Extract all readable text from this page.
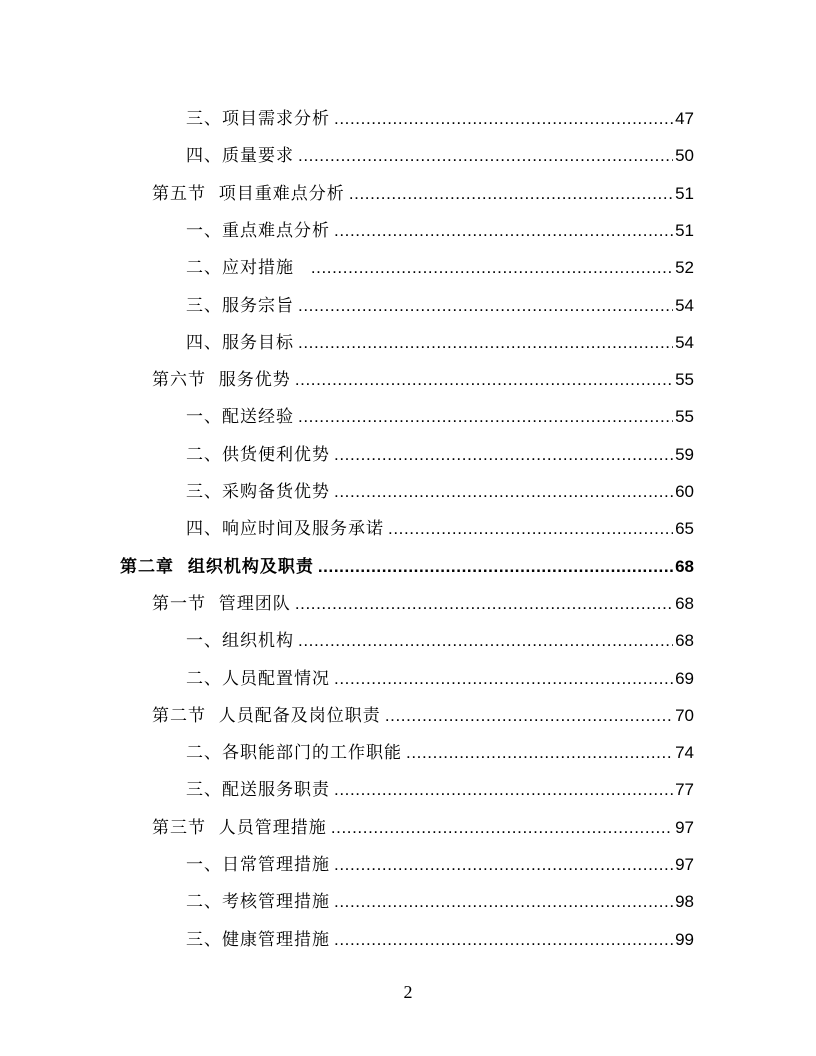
三、项目需求分析 .....	47
四、质量要求 .....	50
第五节  项目重难点分析 .....	51
一、重点难点分析 .....	51
二、应对措施 .....	52
三、服务宗旨 .....	54
四、服务目标 .....	54
第六节  服务优势 .....	55
一、配送经验 .....	55
二、供货便利优势 .....	59
三、采购备货优势 .....	60
四、响应时间及服务承诺 .....	65
第二章  组织机构及职责 .....	68
第一节  管理团队 .....	68
一、组织机构 .....	68
二、人员配置情况 .....	69
第二节  人员配备及岗位职责 .....	70
二、各职能部门的工作职能 .....	74
三、配送服务职责 .....	77
第三节  人员管理措施 .....	97
一、日常管理措施 .....	97
二、考核管理措施 .....	98
三、健康管理措施 .....	99
2
